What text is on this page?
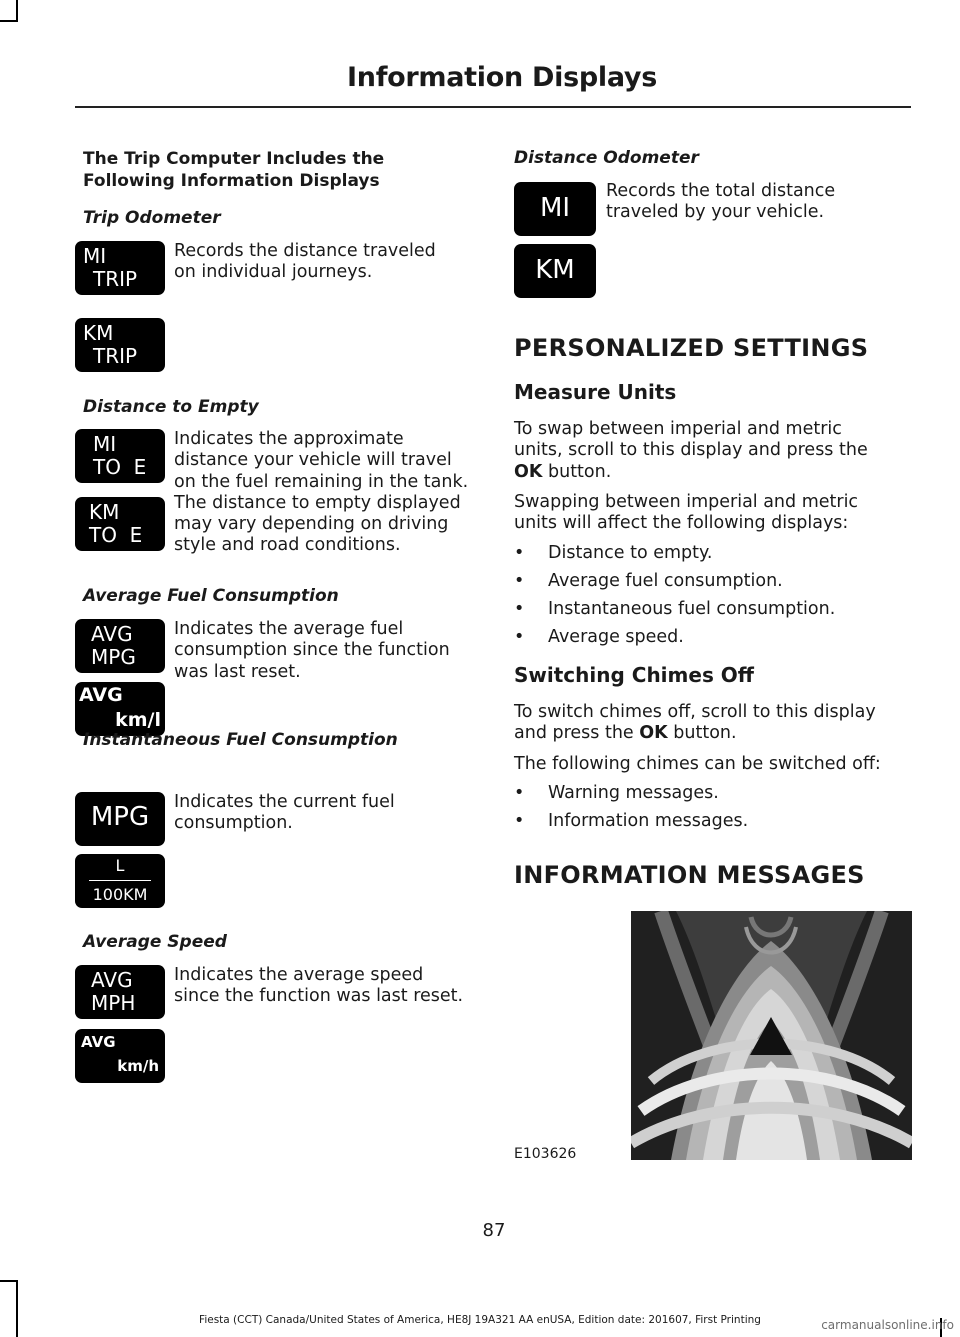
Information Displays
The Trip Computer Includes the
Following Information Displays
Trip Odometer
Records the distance traveled
on individual journeys.
MI
TRIP
KM
TRIP
Distance to Empty
Indicates the approximate
distance your vehicle will travel
on the fuel remaining in the tank.
The distance to empty displayed
may vary depending on driving
style and road conditions.
MI
TO  E
KM
TO  E
Average Fuel Consumption
Indicates the average fuel
consumption since the function
was last reset.
AVG
MPG
AVG
km/l
Instantaneous Fuel Consumption
Indicates the current fuel
consumption.
MPG
L
100KM
Average Speed
Indicates the average speed
since the function was last reset.
AVG
MPH
AVG
km/h
Distance Odometer
Records the total distance
traveled by your vehicle.
MI
KM
PERSONALIZED SETTINGS
Measure Units
To swap between imperial and metric
units, scroll to this display and press the
OK button.
Swapping between imperial and metric
units will affect the following displays:
• Distance to empty.
• Average fuel consumption.
• Instantaneous fuel consumption.
• Average speed.
Switching Chimes Off
To switch chimes off, scroll to this display
and press the OK button.
The following chimes can be switched off:
• Warning messages.
• Information messages.
INFORMATION MESSAGES
E103626
87
Fiesta (CCT) Canada/United States of America, HE8J 19A321 AA enUSA, Edition date: 201607, First Printing	carmanualsonline.info
